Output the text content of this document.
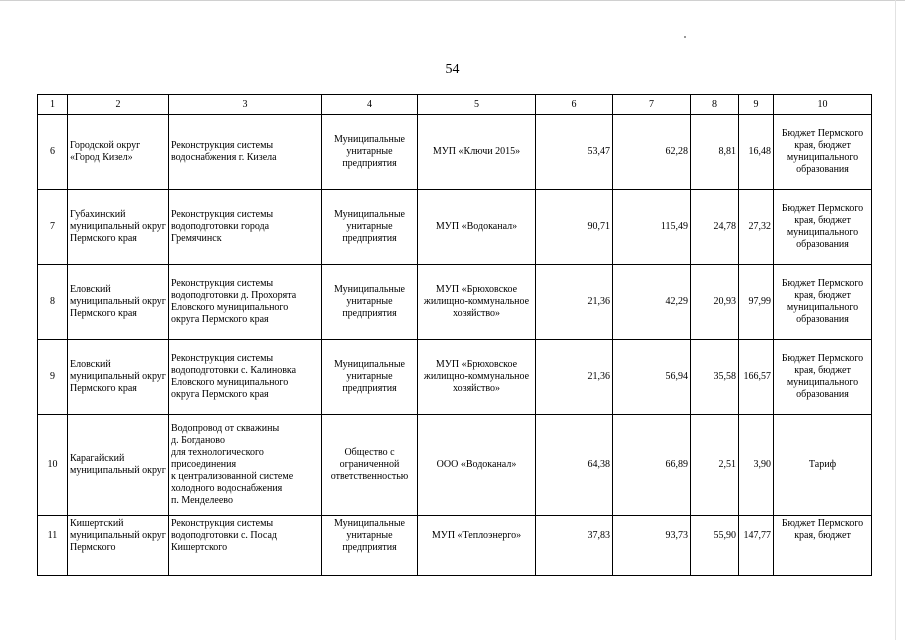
54
1	2	3	4	5	6	7	8	9	10
6	Городской округ «Город Кизел»	Реконструкция системы водоснабжения г. Кизела	Муниципальные унитарные предприятия	МУП «Ключи 2015»	53,47	62,28	8,81	16,48	Бюджет Пермского края, бюджет муниципального образования
7	Губахинский муниципальный округ Пермского края	Реконструкция системы водоподготовки города Гремячинск	Муниципальные унитарные предприятия	МУП «Водоканал»	90,71	115,49	24,78	27,32	Бюджет Пермского края, бюджет муниципального образования
8	Еловский муниципальный округ Пермского края	Реконструкция системы водоподготовки д. Прохорята Еловского муниципального округа Пермского края	Муниципальные унитарные предприятия	МУП «Брюховское жилищно-коммунальное хозяйство»	21,36	42,29	20,93	97,99	Бюджет Пермского края, бюджет муниципального образования
9	Еловский муниципальный округ Пермского края	Реконструкция системы водоподготовки с. Калиновка Еловского муниципального округа Пермского края	Муниципальные унитарные предприятия	МУП «Брюховское жилищно-коммунальное хозяйство»	21,36	56,94	35,58	166,57	Бюджет Пермского края, бюджет муниципального образования
10	Карагайский муниципальный округ	Водопровод от скважины
д. Богданово
для технологического присоединения
к централизованной системе холодного водоснабжения
п. Менделеево	Общество с ограниченной ответственностью	ООО «Водоканал»	64,38	66,89	2,51	3,90	Тариф
11	Кишертский муниципальный округ Пермского	Реконструкция системы водоподготовки с. Посад Кишертского	Муниципальные унитарные предприятия	МУП «Теплоэнерго»	37,83	93,73	55,90	147,77	Бюджет Пермского края, бюджет
